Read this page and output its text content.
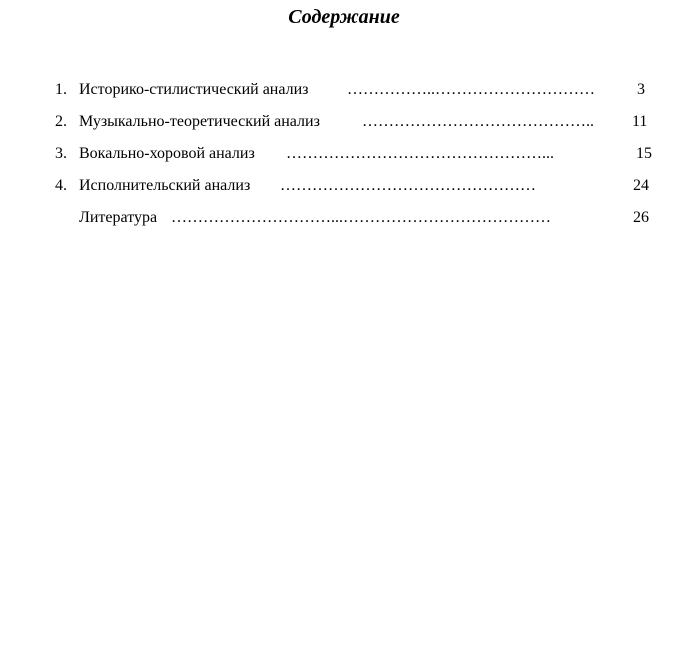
Содержание
1. Историко-стилистический анализ ……………..…………………………	3
2. Музыкально-теоретический анализ	……………………………………..	11
3. Вокально-хоровой анализ …………………………………………...	15
4. Исполнительский анализ …………………………………………	24
Литература …………………………...…………………………………	26
